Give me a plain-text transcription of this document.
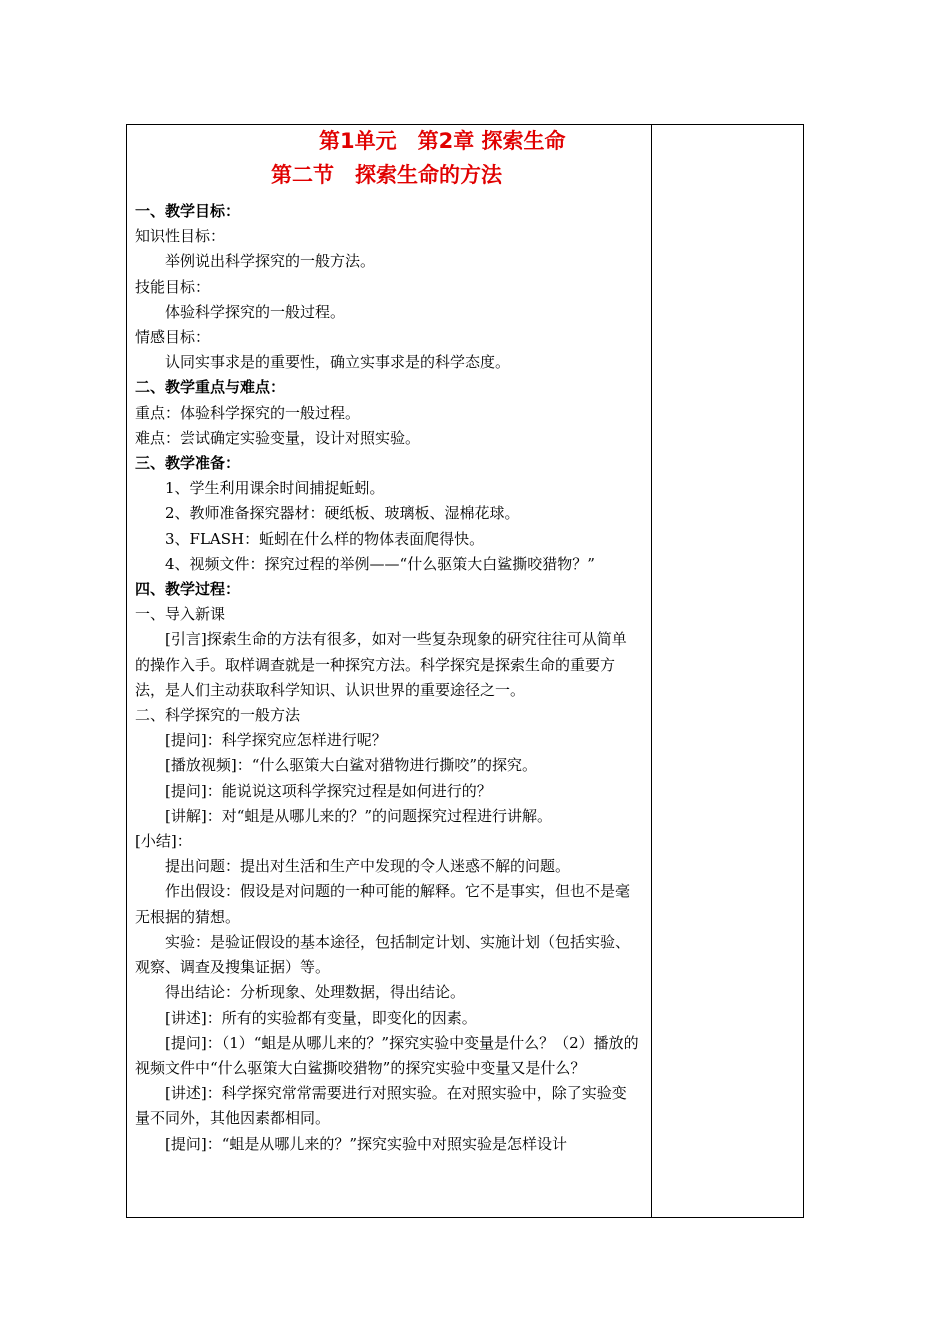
第1单元　第2章 探索生命
第二节　探索生命的方法
一、教学目标：
知识性目标：
举例说出科学探究的一般方法。
技能目标：
体验科学探究的一般过程。
情感目标：
认同实事求是的重要性，确立实事求是的科学态度。
二、教学重点与难点：
重点：体验科学探究的一般过程。
难点：尝试确定实验变量，设计对照实验。
三、教学准备：
1、学生利用课余时间捕捉蚯蚓。
2、教师准备探究器材：硬纸板、玻璃板、湿棉花球。
3、FLASH：蚯蚓在什么样的物体表面爬得快。
4、视频文件：探究过程的举例——“什么驱策大白鲨撕咬猎物？”
四、教学过程：
一、导入新课
[引言]探索生命的方法有很多，如对一些复杂现象的研究往往可从简单的操作入手。取样调查就是一种探究方法。科学探究是探索生命的重要方法，是人们主动获取科学知识、认识世界的重要途径之一。
二、科学探究的一般方法
[提问]：科学探究应怎样进行呢？
[播放视频]：“什么驱策大白鲨对猎物进行撕咬”的探究。
[提问]：能说说这项科学探究过程是如何进行的？
[讲解]：对“蛆是从哪儿来的？”的问题探究过程进行讲解。
[小结]：
提出问题：提出对生活和生产中发现的令人迷惑不解的问题。
作出假设：假设是对问题的一种可能的解释。它不是事实，但也不是毫无根据的猜想。
实验：是验证假设的基本途径，包括制定计划、实施计划（包括实验、观察、调查及搜集证据）等。
得出结论：分析现象、处理数据，得出结论。
[讲述]：所有的实验都有变量，即变化的因素。
[提问]：（1）“蛆是从哪儿来的？”探究实验中变量是什么？（2）播放的视频文件中“什么驱策大白鲨撕咬猎物”的探究实验中变量又是什么？
[讲述]：科学探究常常需要进行对照实验。在对照实验中，除了实验变量不同外，其他因素都相同。
[提问]：“蛆是从哪儿来的？”探究实验中对照实验是怎样设计
